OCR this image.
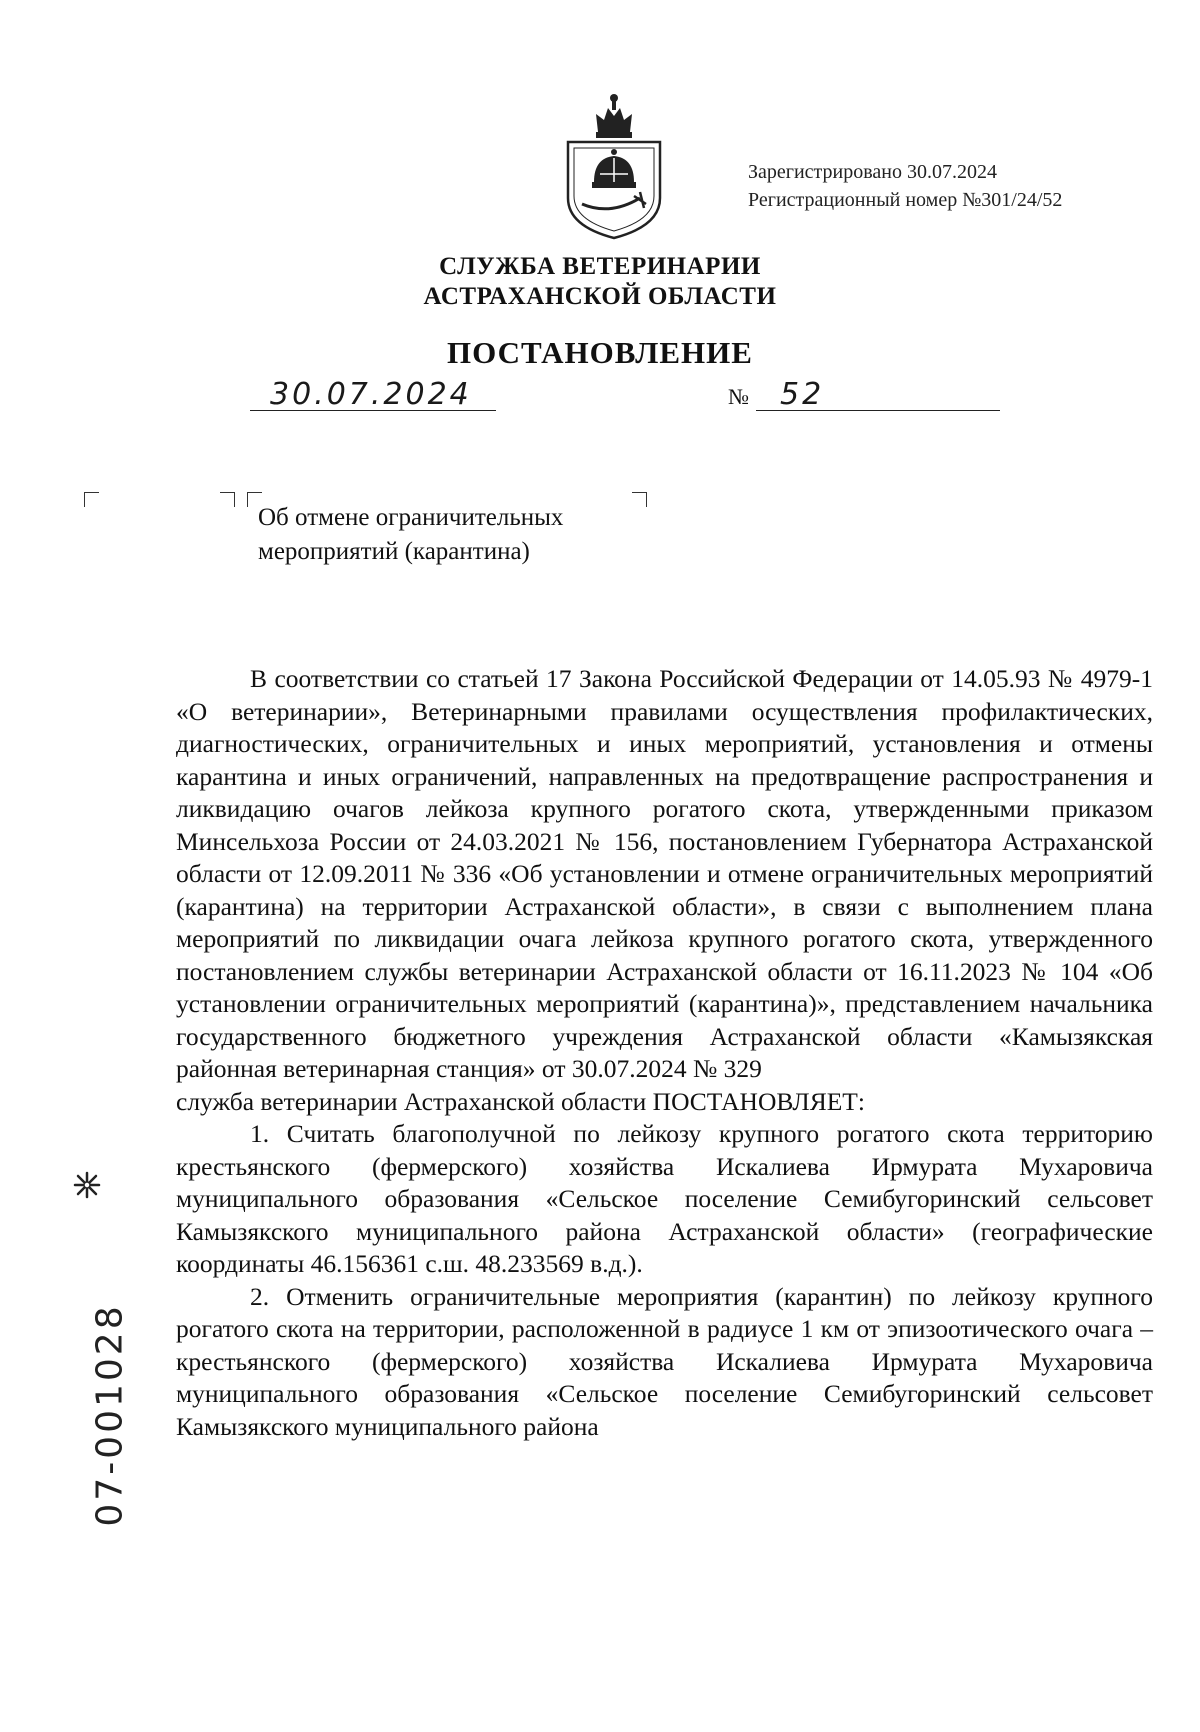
Зарегистрировано 30.07.2024
Регистрационный номер №301/24/52
СЛУЖБА ВЕТЕРИНАРИИ
АСТРАХАНСКОЙ ОБЛАСТИ
ПОСТАНОВЛЕНИЕ
30.07.2024	№ 52
Об отмене ограничительных
мероприятий (карантина)

В соответствии со статьей 17 Закона Российской Федерации от 14.05.93 № 4979-1 «О ветеринарии», Ветеринарными правилами осуществления профилактических, диагностических, ограничительных и иных мероприятий, установления и отмены карантина и иных ограничений, направленных на предотвращение распространения и ликвидацию очагов лейкоза крупного рогатого скота, утвержденными приказом Минсельхоза России от 24.03.2021 № 156, постановлением Губернатора Астраханской области от 12.09.2011 № 336 «Об установлении и отмене ограничительных мероприятий (карантина) на территории Астраханской области», в связи с выполнением плана мероприятий по ликвидации очага лейкоза крупного рогатого скота, утвержденного постановлением службы ветеринарии Астраханской области от 16.11.2023 № 104 «Об установлении ограничительных мероприятий (карантина)», представлением начальника государственного бюджетного учреждения Астраханской области «Камызякская районная ветеринарная станция» от 30.07.2024 № 329

служба ветеринарии Астраханской области ПОСТАНОВЛЯЕТ:

1. Считать благополучной по лейкозу крупного рогатого скота территорию крестьянского (фермерского) хозяйства Искалиева Ирмурата Мухаровича муниципального образования «Сельское поселение Семибугоринский сельсовет Камызякского муниципального района Астраханской области» (географические координаты 46.156361 с.ш. 48.233569 в.д.).

2. Отменить ограничительные мероприятия (карантин) по лейкозу крупного рогатого скота на территории, расположенной в радиусе 1 км от эпизоотического очага – крестьянского (фермерского) хозяйства Искалиева Ирмурата Мухаровича муниципального образования «Сельское поселение Семибугоринский сельсовет Камызякского муниципального района

07-001028
